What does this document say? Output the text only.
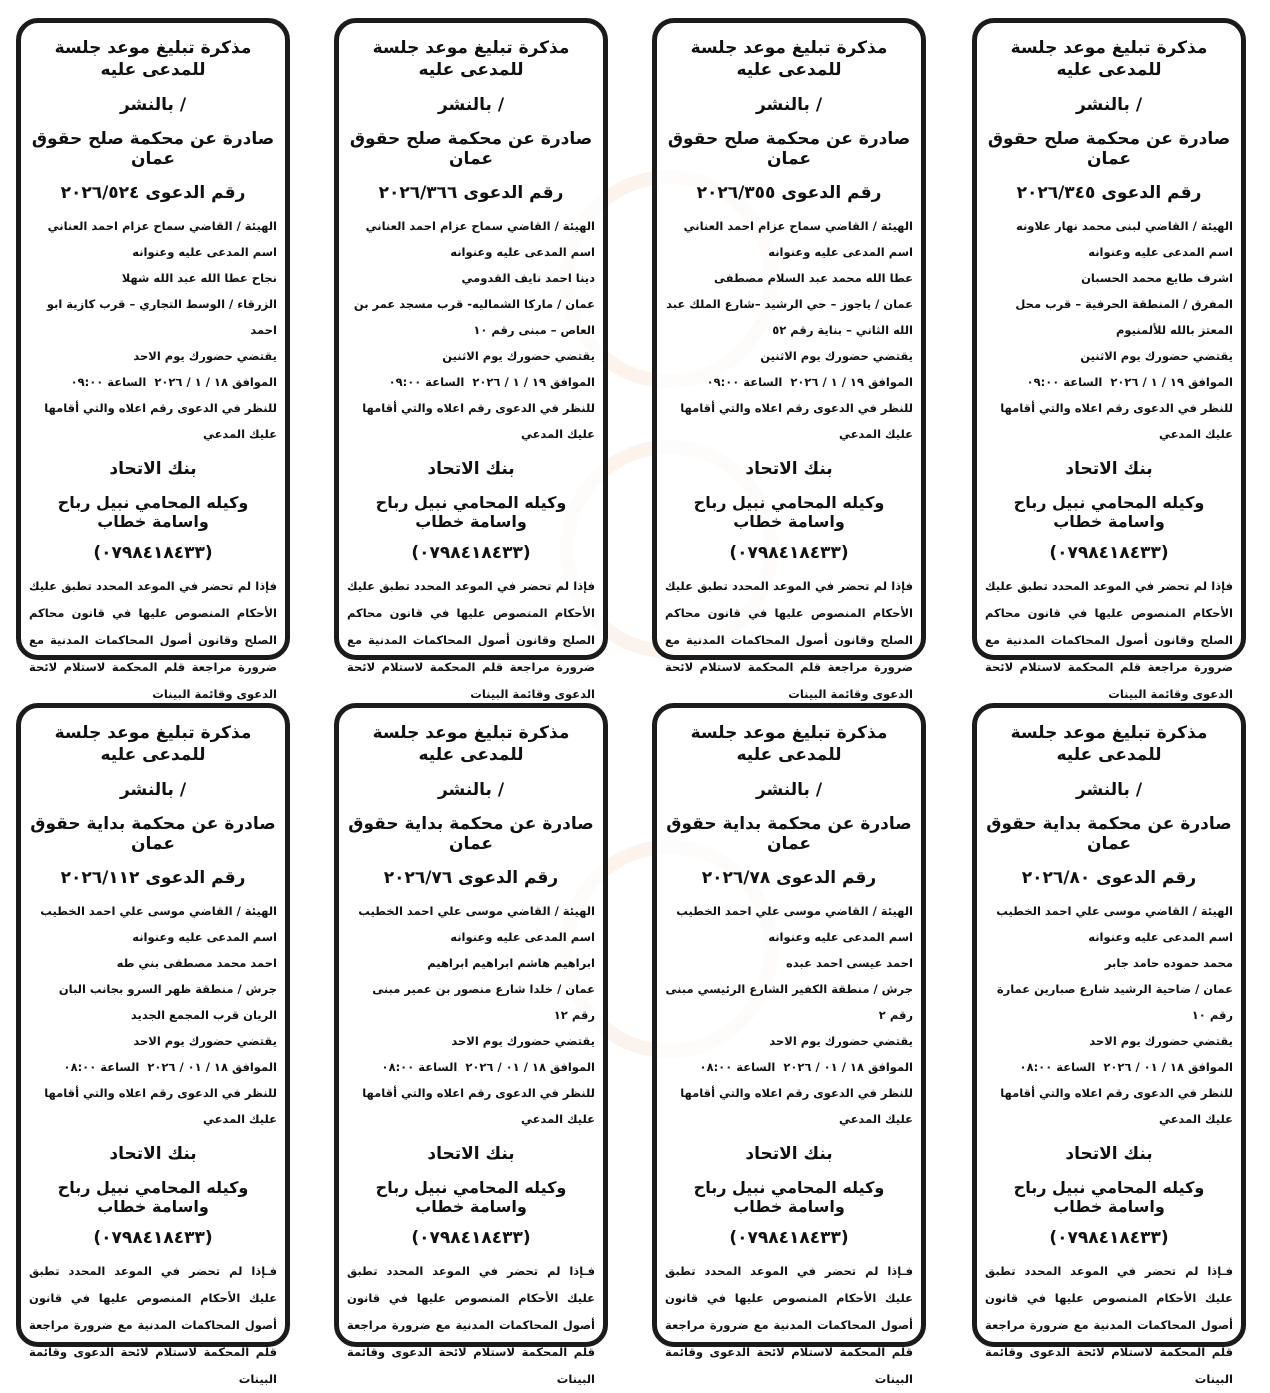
مذكرة تبليغ موعد جلسة للمدعى عليه
/ بالنشر
صادرة عن محكمة صلح حقوق عمان
رقم الدعوى ٢٠٢٦/٣٤٥

الهيئة / القاضي لبنى محمد نهار علاونه

اسم المدعى عليه وعنوانه

اشرف طايع محمد الحسبان

المفرق / المنطقة الحرفية – قرب محل المعتز بالله للألمنيوم

يقتضي حضورك يوم الاثنين

الموافق ١٩ / ١ / ٢٠٢٦
الساعة ٠٩:٠٠

للنظر في الدعوى رقم اعلاه والتي أقامها عليك المدعي

بنك الاتحاد
وكيله المحامي نبيل رباح واسامة خطاب
(٠٧٩٨٤١٨٤٣٣)

فإذا لم تحضر في الموعد المحدد تطبق عليك الأحكام المنصوص عليها في قانون محاكم الصلح وقانون أصول المحاكمات المدنية مع ضرورة مراجعة قلم المحكمة لاستلام لائحة الدعوى وقائمة البينات

مذكرة تبليغ موعد جلسة للمدعى عليه
/ بالنشر
صادرة عن محكمة صلح حقوق عمان
رقم الدعوى ٢٠٢٦/٣٥٥

الهيئة / القاضي سماح عزام احمد العناني

اسم المدعى عليه وعنوانه

عطا الله محمد عبد السلام مصطفى

عمان / ياجوز – حي الرشيد –شارع الملك عبد الله الثاني – بناية رقم ٥٢

يقتضي حضورك يوم الاثنين

الموافق ١٩ / ١ / ٢٠٢٦
الساعة ٠٩:٠٠

للنظر في الدعوى رقم اعلاه والتي أقامها عليك المدعي

بنك الاتحاد
وكيله المحامي نبيل رباح واسامة خطاب
(٠٧٩٨٤١٨٤٣٣)

فإذا لم تحضر في الموعد المحدد تطبق عليك الأحكام المنصوص عليها في قانون محاكم الصلح وقانون أصول المحاكمات المدنية مع ضرورة مراجعة قلم المحكمة لاستلام لائحة الدعوى وقائمة البينات

مذكرة تبليغ موعد جلسة للمدعى عليه
/ بالنشر
صادرة عن محكمة صلح حقوق عمان
رقم الدعوى ٢٠٢٦/٣٦٦

الهيئة / القاضي سماح عزام احمد العناني

اسم المدعى عليه وعنوانه

دينا احمد نايف القدومي

عمان / ماركا الشماليه- قرب مسجد عمر بن العاص – مبنى رقم ١٠

يقتضي حضورك يوم الاثنين

الموافق ١٩ / ١ / ٢٠٢٦
الساعة ٠٩:٠٠

للنظر في الدعوى رقم اعلاه والتي أقامها عليك المدعي

بنك الاتحاد
وكيله المحامي نبيل رباح واسامة خطاب
(٠٧٩٨٤١٨٤٣٣)

فإذا لم تحضر في الموعد المحدد تطبق عليك الأحكام المنصوص عليها في قانون محاكم الصلح وقانون أصول المحاكمات المدنية مع ضرورة مراجعة قلم المحكمة لاستلام لائحة الدعوى وقائمة البينات

مذكرة تبليغ موعد جلسة للمدعى عليه
/ بالنشر
صادرة عن محكمة صلح حقوق عمان
رقم الدعوى ٢٠٢٦/٥٢٤

الهيئة / القاضي سماح عزام احمد العناني

اسم المدعى عليه وعنوانه

نجاح عطا الله عبد الله شهلا

الزرقاء / الوسط التجاري – قرب كازية ابو احمد

يقتضي حضورك يوم الاحد

الموافق ١٨ / ١ / ٢٠٢٦
الساعة ٠٩:٠٠

للنظر في الدعوى رقم اعلاه والتي أقامها عليك المدعي

بنك الاتحاد
وكيله المحامي نبيل رباح واسامة خطاب
(٠٧٩٨٤١٨٤٣٣)

فإذا لم تحضر في الموعد المحدد تطبق عليك الأحكام المنصوص عليها في قانون محاكم الصلح وقانون أصول المحاكمات المدنية مع ضرورة مراجعة قلم المحكمة لاستلام لائحة الدعوى وقائمة البينات

مذكرة تبليغ موعد جلسة للمدعى عليه
/ بالنشر
صادرة عن محكمة بداية حقوق عمان
رقم الدعوى ٢٠٢٦/٨٠

الهيئة / القاضي موسى علي احمد الخطيب

اسم المدعى عليه وعنوانه

محمد حموده حامد جابر

عمان / ضاحية الرشيد شارع صبارين عمارة رقم ١٠

يقتضي حضورك يوم الاحد

الموافق ١٨ / ٠١ / ٢٠٢٦
الساعة ٠٨:٠٠

للنظر في الدعوى رقم اعلاه والتي أقامها عليك المدعي

بنك الاتحاد
وكيله المحامي نبيل رباح واسامة خطاب
(٠٧٩٨٤١٨٤٣٣)

فـإذا لم تحضر في الموعد المحدد تطبق عليك الأحكام المنصوص عليها في قانون أصول المحاكمات المدنية مع ضرورة مراجعة قلم المحكمة لاستلام لائحة الدعوى وقائمة البينات

مذكرة تبليغ موعد جلسة للمدعى عليه
/ بالنشر
صادرة عن محكمة بداية حقوق عمان
رقم الدعوى ٢٠٢٦/٧٨

الهيئة / القاضي موسى علي احمد الخطيب

اسم المدعى عليه وعنوانه

احمد عيسى احمد عبده

جرش / منطقة الكفير الشارع الرئيسي مبنى رقم ٢

يقتضي حضورك يوم الاحد

الموافق ١٨ / ٠١ / ٢٠٢٦
الساعة ٠٨:٠٠

للنظر في الدعوى رقم اعلاه والتي أقامها عليك المدعي

بنك الاتحاد
وكيله المحامي نبيل رباح واسامة خطاب
(٠٧٩٨٤١٨٤٣٣)

فـإذا لم تحضر في الموعد المحدد تطبق عليك الأحكام المنصوص عليها في قانون أصول المحاكمات المدنية مع ضرورة مراجعة قلم المحكمة لاستلام لائحة الدعوى وقائمة البينات

مذكرة تبليغ موعد جلسة للمدعى عليه
/ بالنشر
صادرة عن محكمة بداية حقوق عمان
رقم الدعوى ٢٠٢٦/٧٦

الهيئة / القاضي موسى علي احمد الخطيب

اسم المدعى عليه وعنوانه

ابراهيم هاشم ابراهيم ابراهيم

عمان / خلدا شارع منصور بن عمير مبنى رقم ١٢

يقتضي حضورك يوم الاحد

الموافق ١٨ / ٠١ / ٢٠٢٦
الساعة ٠٨:٠٠

للنظر في الدعوى رقم اعلاه والتي أقامها عليك المدعي

بنك الاتحاد
وكيله المحامي نبيل رباح واسامة خطاب
(٠٧٩٨٤١٨٤٣٣)

فـإذا لم تحضر في الموعد المحدد تطبق عليك الأحكام المنصوص عليها في قانون أصول المحاكمات المدنية مع ضرورة مراجعة قلم المحكمة لاستلام لائحة الدعوى وقائمة البينات

مذكرة تبليغ موعد جلسة للمدعى عليه
/ بالنشر
صادرة عن محكمة بداية حقوق عمان
رقم الدعوى ٢٠٢٦/١١٢

الهيئة / القاضي موسى علي احمد الخطيب

اسم المدعى عليه وعنوانه

احمد محمد مصطفى بني طه

جرش / منطقة ظهر السرو بجانب البان الريان قرب المجمع الجديد

يقتضي حضورك يوم الاحد

الموافق ١٨ / ٠١ / ٢٠٢٦
الساعة ٠٨:٠٠

للنظر في الدعوى رقم اعلاه والتي أقامها عليك المدعي

بنك الاتحاد
وكيله المحامي نبيل رباح واسامة خطاب
(٠٧٩٨٤١٨٤٣٣)

فـإذا لم تحضر في الموعد المحدد تطبق عليك الأحكام المنصوص عليها في قانون أصول المحاكمات المدنية مع ضرورة مراجعة قلم المحكمة لاستلام لائحة الدعوى وقائمة البينات
